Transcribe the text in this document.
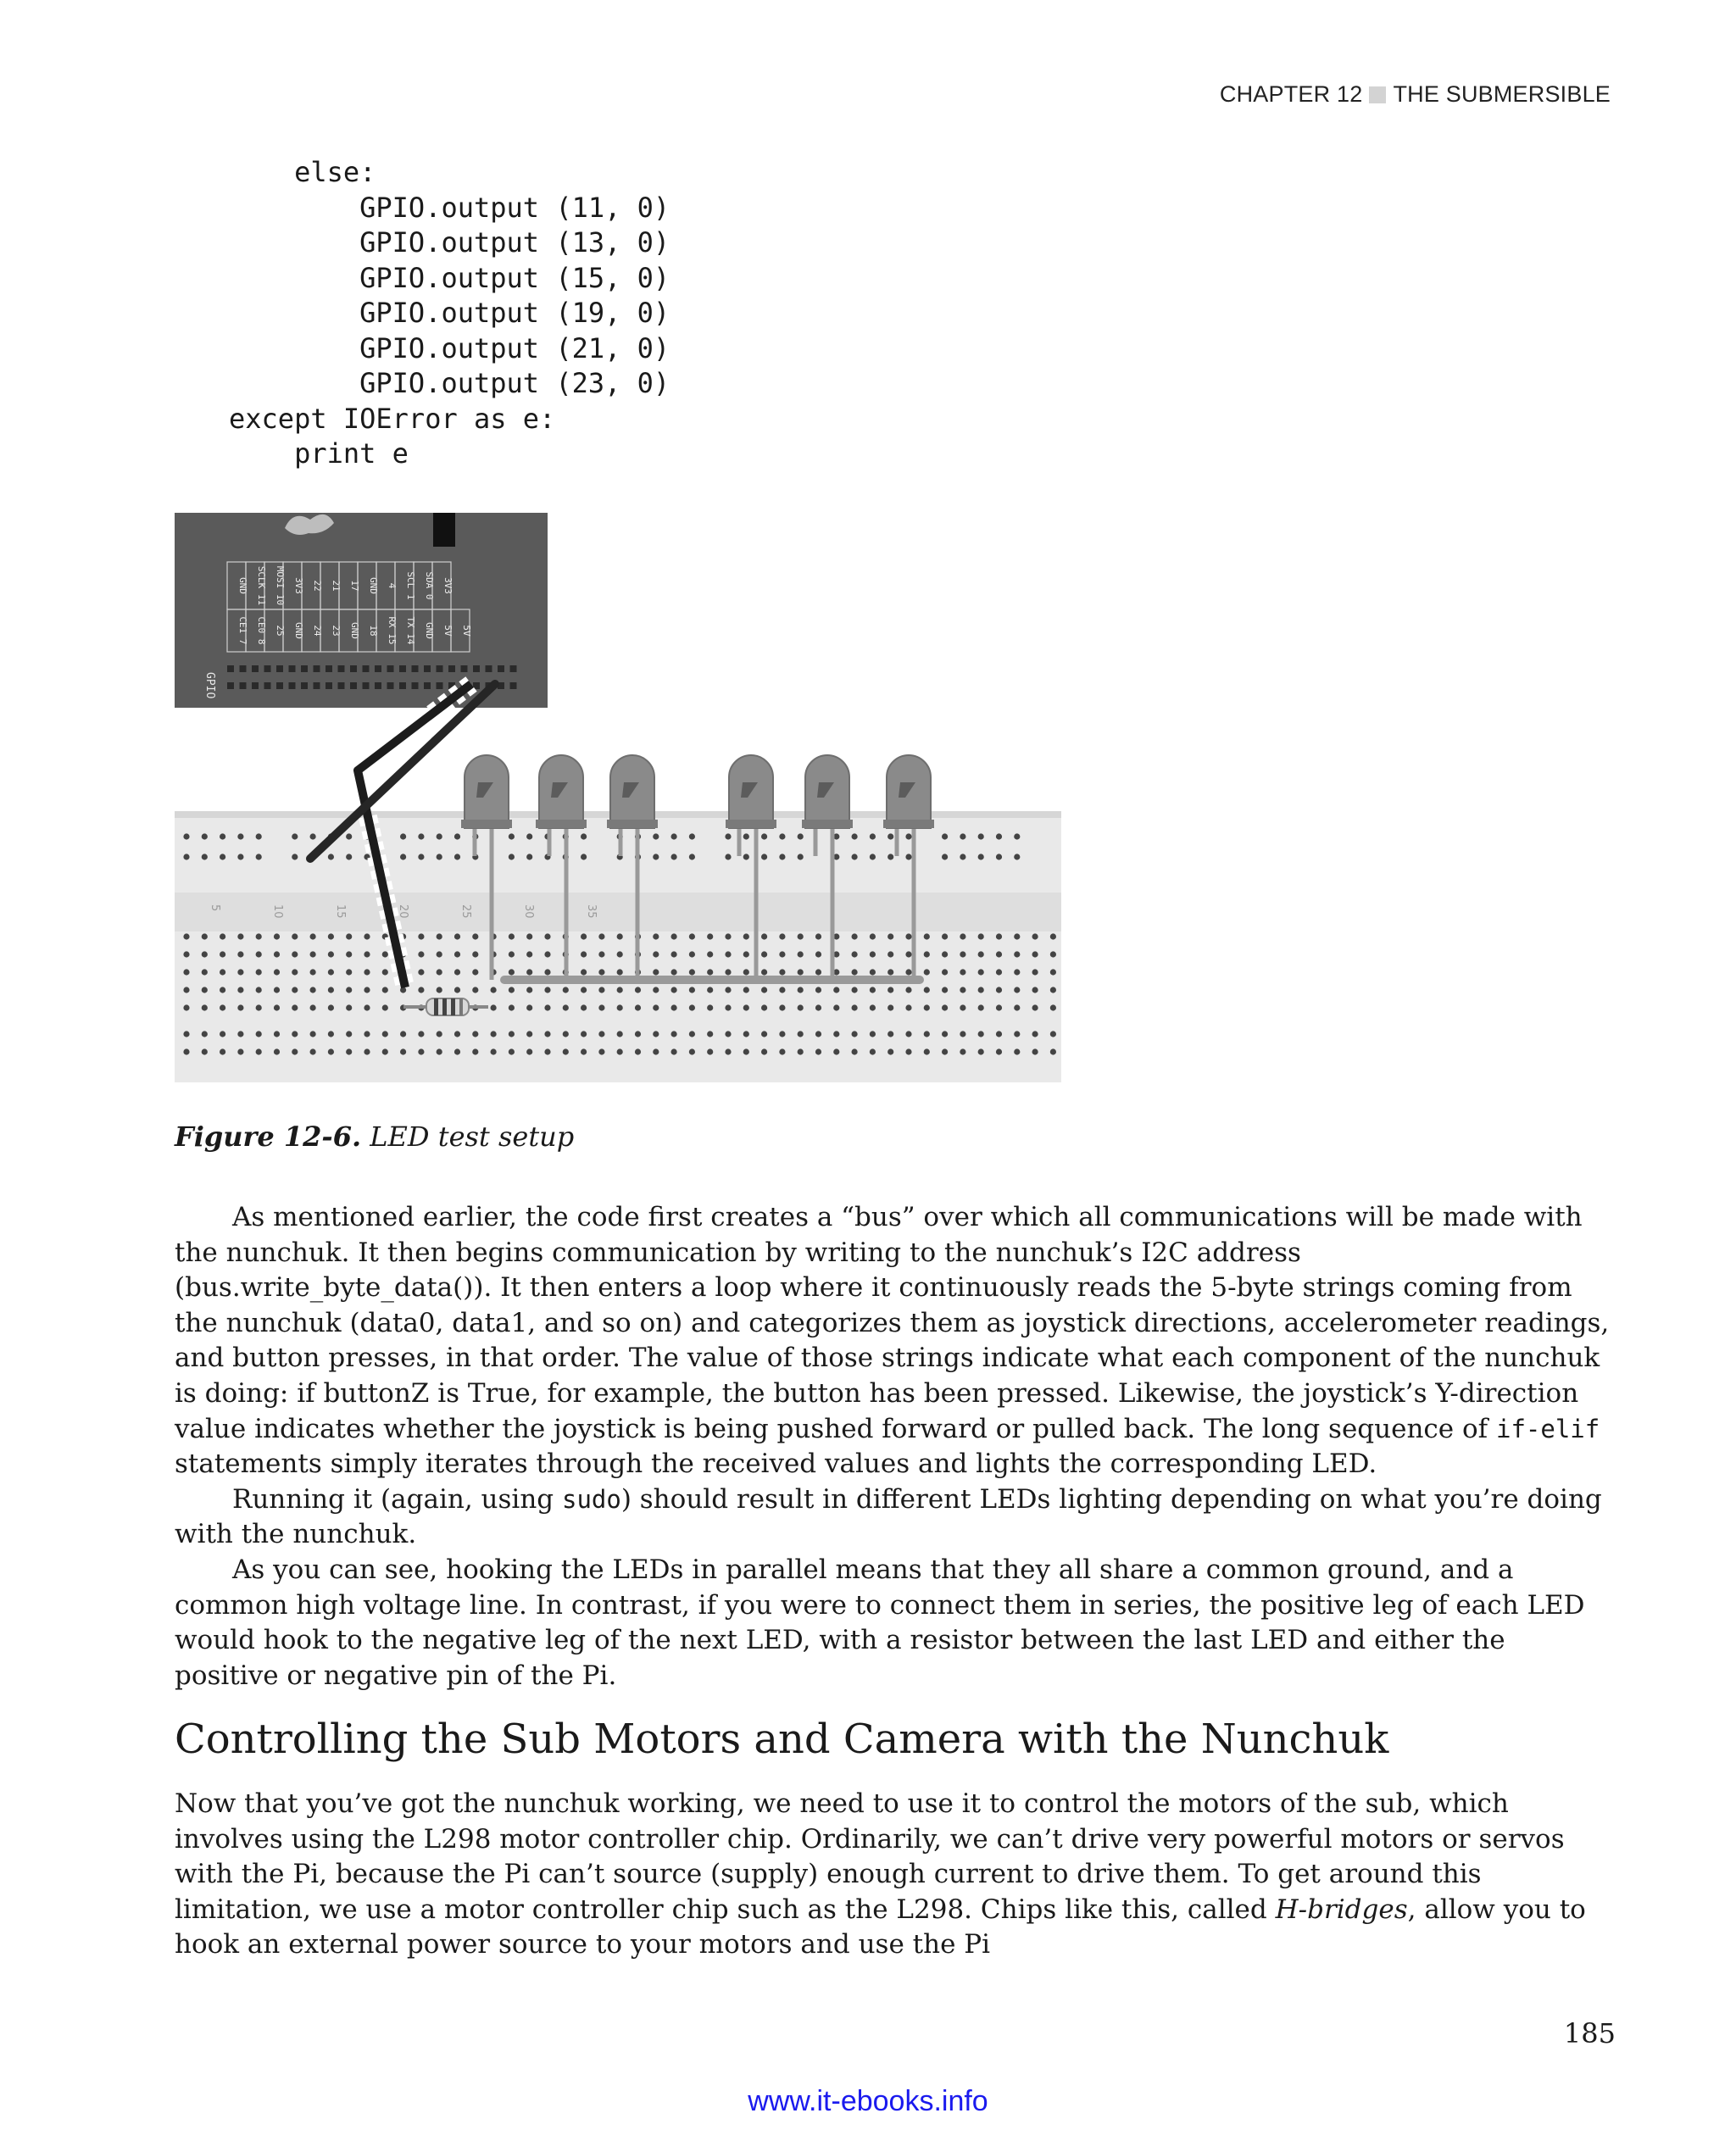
CHAPTER 12 THE SUBMERSIBLE
else:
GPIO.output (11, 0)
GPIO.output (13, 0)
GPIO.output (15, 0)
GPIO.output (19, 0)
GPIO.output (21, 0)
GPIO.output (23, 0)
except IOError as e:
print e
GND SCLK 11 MOSI 10 3V3 22 21 17 GND 4 SCL 1 SDA 0 3V3
CE1 7 CE0 8 25 GND 24 23 GND 18 RX 15 TX 14 GND 5V 5V
GPIO
5	10	15	20	25	30	35
Figure 12-6. LED test setup

As mentioned earlier, the code first creates a “bus” over which all communications will be made with the nunchuk. It then begins communication by writing to the nunchuk’s I2C address (bus.write_byte_data()). It then enters a loop where it continuously reads the 5-byte strings coming from the nunchuk (data0, data1, and so on) and categorizes them as joystick directions, accelerometer readings, and button presses, in that order. The value of those strings indicate what each component of the nunchuk is doing: if buttonZ is True, for example, the button has been pressed. Likewise, the joystick’s Y-direction value indicates whether the joystick is being pushed forward or pulled back. The long sequence of if-elif statements simply iterates through the received values and lights the corresponding LED.

Running it (again, using sudo) should result in different LEDs lighting depending on what you’re doing with the nunchuk.

As you can see, hooking the LEDs in parallel means that they all share a common ground, and a common high voltage line. In contrast, if you were to connect them in series, the positive leg of each LED would hook to the negative leg of the next LED, with a resistor between the last LED and either the positive or negative pin of the Pi.

Controlling the Sub Motors and Camera with the Nunchuk

Now that you’ve got the nunchuk working, we need to use it to control the motors of the sub, which involves using the L298 motor controller chip. Ordinarily, we can’t drive very powerful motors or servos with the Pi, because the Pi can’t source (supply) enough current to drive them. To get around this limitation, we use a motor controller chip such as the L298. Chips like this, called H-bridges, allow you to hook an external power source to your motors and use the Pi

185
www.it-ebooks.info
